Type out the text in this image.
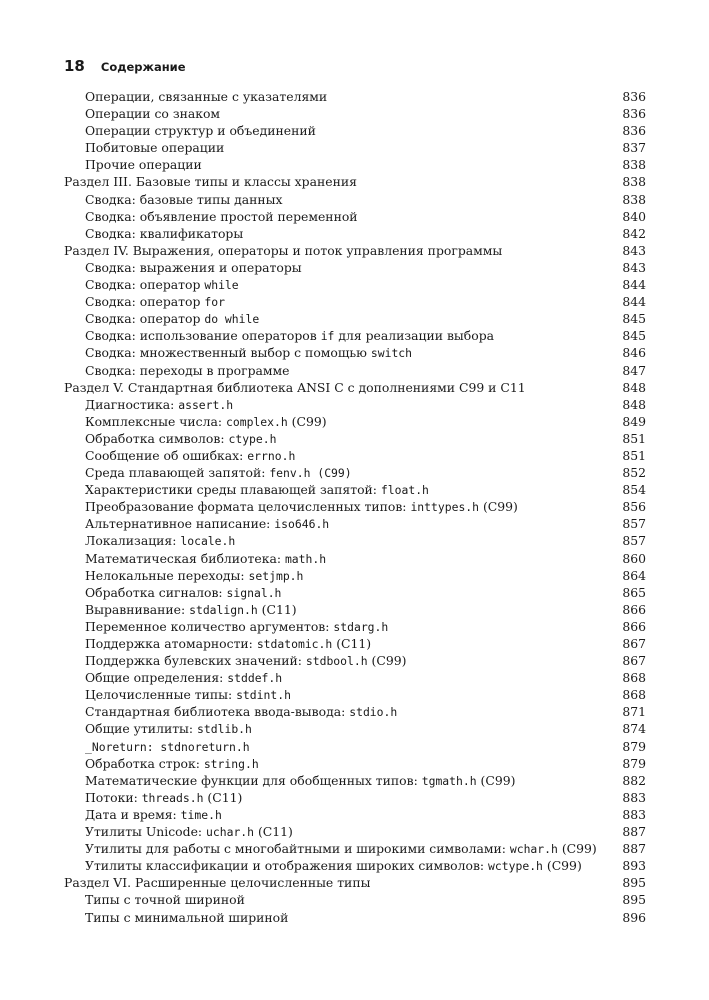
18 Содержание
Операции, связанные с указателями	836
Операции со знаком	836
Операции структур и объединений	836
Побитовые операции	837
Прочие операции	838
Раздел III. Базовые типы и классы хранения	838
Сводка: базовые типы данных	838
Сводка: объявление простой переменной	840
Сводка: квалификаторы	842
Раздел IV. Выражения, операторы и поток управления программы	843
Сводка: выражения и операторы	843
Сводка: оператор while	844
Сводка: оператор for	844
Сводка: оператор do while	845
Сводка: использование операторов if для реализации выбора	845
Сводка: множественный выбор с помощью switch	846
Сводка: переходы в программе	847
Раздел V. Стандартная библиотека ANSI C с дополнениями C99 и C11	848
Диагностика: assert.h	848
Комплексные числа: complex.h (C99)	849
Обработка символов: ctype.h	851
Сообщение об ошибках: errno.h	851
Среда плавающей запятой: fenv.h (C99)	852
Характеристики среды плавающей запятой: float.h	854
Преобразование формата целочисленных типов: inttypes.h (C99)	856
Альтернативное написание: iso646.h	857
Локализация: locale.h	857
Математическая библиотека: math.h	860
Нелокальные переходы: setjmp.h	864
Обработка сигналов: signal.h	865
Выравнивание: stdalign.h (C11)	866
Переменное количество аргументов: stdarg.h	866
Поддержка атомарности: stdatomic.h (C11)	867
Поддержка булевских значений: stdbool.h (C99)	867
Общие определения: stddef.h	868
Целочисленные типы: stdint.h	868
Стандартная библиотека ввода-вывода: stdio.h	871
Общие утилиты: stdlib.h	874
_Noreturn: stdnoreturn.h	879
Обработка строк: string.h	879
Математические функции для обобщенных типов: tgmath.h (C99)	882
Потоки: threads.h (C11)	883
Дата и время: time.h	883
Утилиты Unicode: uchar.h (C11)	887
Утилиты для работы с многобайтными и широкими символами: wchar.h (C99)	887
Утилиты классификации и отображения широких символов: wctype.h (C99)	893
Раздел VI. Расширенные целочисленные типы	895
Типы с точной шириной	895
Типы с минимальной шириной	896
